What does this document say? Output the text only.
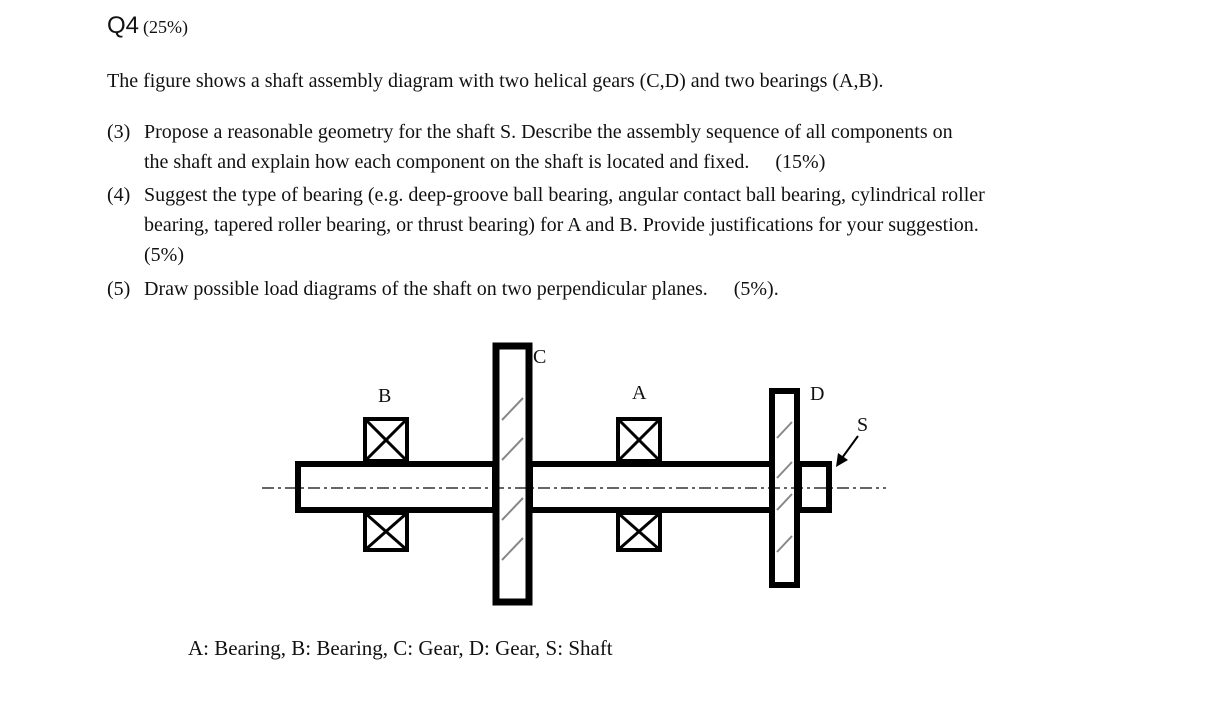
Q4 (25%)
The figure shows a shaft assembly diagram with two helical gears (C,D) and two bearings (A,B).
(3) Propose a reasonable geometry for the shaft S. Describe the assembly sequence of all components on
the shaft and explain how each component on the shaft is located and fixed. (15%)
(4) Suggest the type of bearing (e.g. deep-groove ball bearing, angular contact ball bearing, cylindrical roller
bearing, tapered roller bearing, or thrust bearing) for A and B. Provide justifications for your suggestion.
(5%)
(5) Draw possible load diagrams of the shaft on two perpendicular planes. (5%).
B
C
A	D
S
A: Bearing, B: Bearing, C: Gear, D: Gear, S: Shaft
